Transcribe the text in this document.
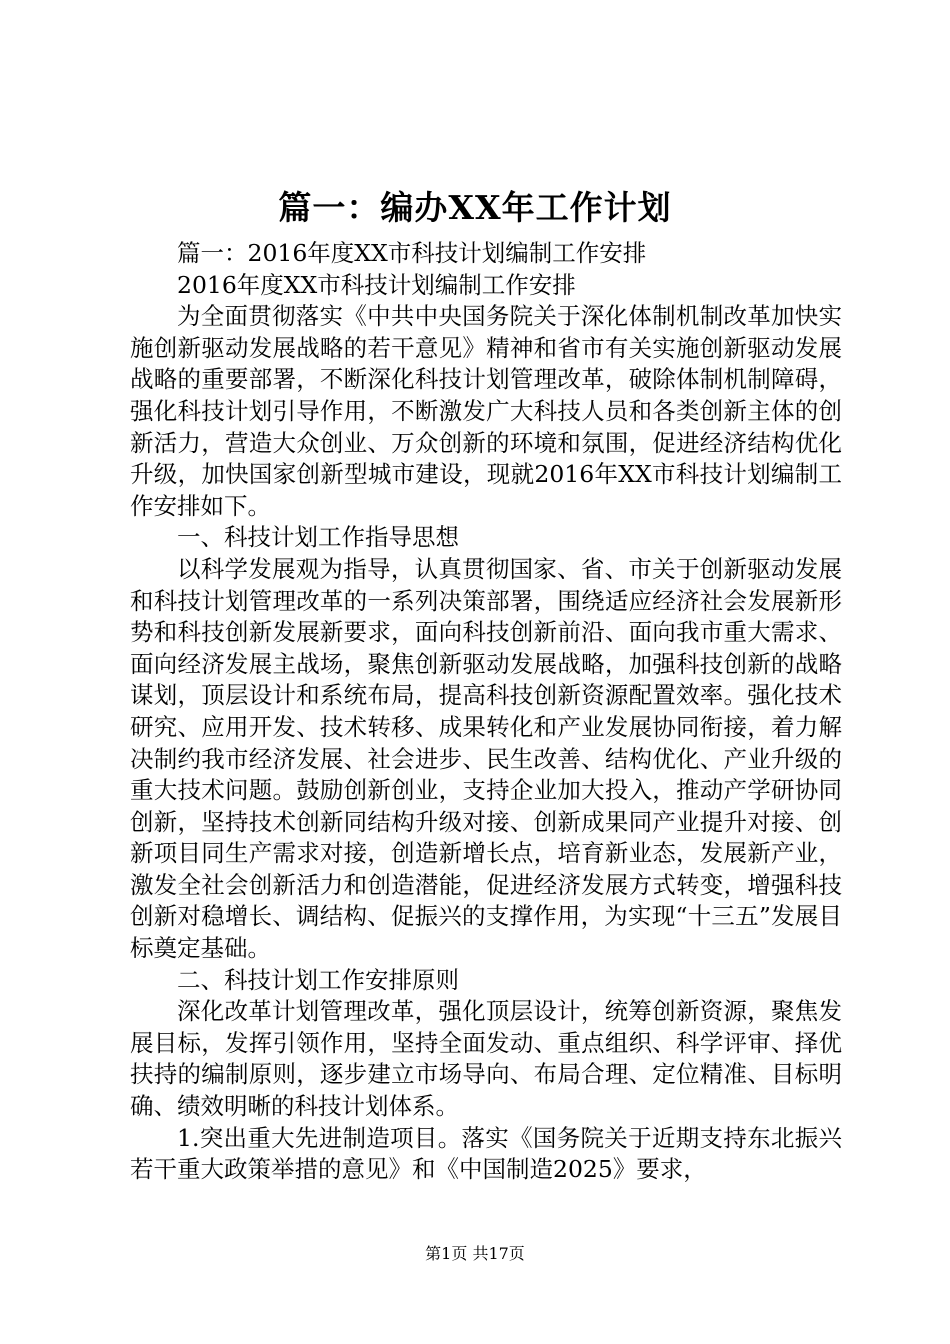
篇一：编办XX年工作计划

篇一：2016年度XX市科技计划编制工作安排

2016年度XX市科技计划编制工作安排

为全面贯彻落实《中共中央国务院关于深化体制机制改革加快实施创新驱动发展战略的若干意见》精神和省市有关实施创新驱动发展战略的重要部署，不断深化科技计划管理改革，破除体制机制障碍，强化科技计划引导作用，不断激发广大科技人员和各类创新主体的创新活力，营造大众创业、万众创新的环境和氛围，促进经济结构优化升级，加快国家创新型城市建设，现就2016年XX市科技计划编制工作安排如下。

一、科技计划工作指导思想

以科学发展观为指导，认真贯彻国家、省、市关于创新驱动发展和科技计划管理改革的一系列决策部署，围绕适应经济社会发展新形势和科技创新发展新要求，面向科技创新前沿、面向我市重大需求、面向经济发展主战场，聚焦创新驱动发展战略，加强科技创新的战略谋划，顶层设计和系统布局，提高科技创新资源配置效率。强化技术研究、应用开发、技术转移、成果转化和产业发展协同衔接，着力解决制约我市经济发展、社会进步、民生改善、结构优化、产业升级的重大技术问题。鼓励创新创业，支持企业加大投入，推动产学研协同创新，坚持技术创新同结构升级对接、创新成果同产业提升对接、创新项目同生产需求对接，创造新增长点，培育新业态，发展新产业，激发全社会创新活力和创造潜能，促进经济发展方式转变，增强科技创新对稳增长、调结构、促振兴的支撑作用，为实现“十三五”发展目标奠定基础。

二、科技计划工作安排原则

深化改革计划管理改革，强化顶层设计，统筹创新资源，聚焦发展目标，发挥引领作用，坚持全面发动、重点组织、科学评审、择优扶持的编制原则，逐步建立市场导向、布局合理、定位精准、目标明确、绩效明晰的科技计划体系。

1.突出重大先进制造项目。落实《国务院关于近期支持东北振兴若干重大政策举措的意见》和《中国制造2025》要求，

第1页 共17页
